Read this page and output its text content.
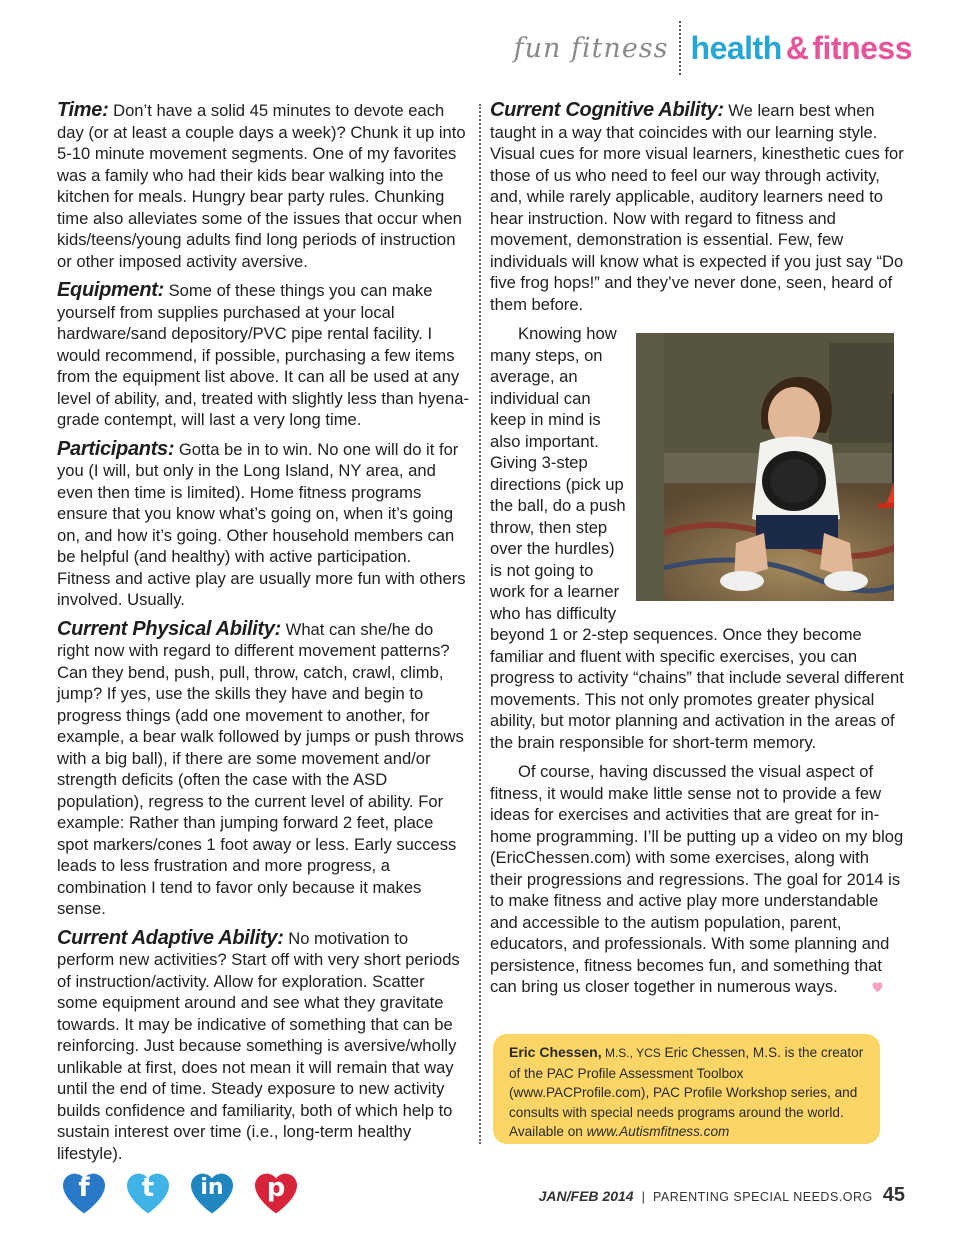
fun fitness health & fitness

Time: Don’t have a solid 45 minutes to devote each day (or at least a couple days a week)? Chunk it up into 5-10 minute movement segments. One of my favorites was a family who had their kids bear walking into the kitchen for meals. Hungry bear party rules. Chunking time also alleviates some of the issues that occur when kids/teens/young adults find long periods of instruction or other imposed activity aversive.

Equipment: Some of these things you can make yourself from supplies purchased at your local hardware/sand depository/PVC pipe rental facility. I would recommend, if possible, purchasing a few items from the equipment list above. It can all be used at any level of ability, and, treated with slightly less than hyena-grade contempt, will last a very long time.

Participants: Gotta be in to win. No one will do it for you (I will, but only in the Long Island, NY area, and even then time is limited). Home fitness programs ensure that you know what’s going on, when it’s going on, and how it’s going. Other household members can be helpful (and healthy) with active participation. Fitness and active play are usually more fun with others involved. Usually.

Current Physical Ability: What can she/he do right now with regard to different movement patterns? Can they bend, push, pull, throw, catch, crawl, climb, jump? If yes, use the skills they have and begin to progress things (add one movement to another, for example, a bear walk followed by jumps or push throws with a big ball), if there are some movement and/or strength deficits (often the case with the ASD population), regress to the current level of ability. For example: Rather than jumping forward 2 feet, place spot markers/cones 1 foot away or less. Early success leads to less frustration and more progress, a combination I tend to favor only because it makes sense.

Current Adaptive Ability: No motivation to perform new activities? Start off with very short periods of instruction/activity. Allow for exploration. Scatter some equipment around and see what they gravitate towards. It may be indicative of something that can be reinforcing. Just because something is aversive/wholly unlikable at first, does not mean it will remain that way until the end of time. Steady exposure to new activity builds confidence and familiarity, both of which help to sustain interest over time (i.e., long-term healthy lifestyle).

Current Cognitive Ability: We learn best when taught in a way that coincides with our learning style. Visual cues for more visual learners, kinesthetic cues for those of us who need to feel our way through activity, and, while rarely applicable, auditory learners need to hear instruction. Now with regard to fitness and movement, demonstration is essential. Few, few individuals will know what is expected if you just say “Do five frog hops!” and they’ve never done, seen, heard of them before.

Knowing how many steps, on average, an individual can keep in mind is also important. Giving 3-step directions (pick up the ball, do a push throw, then step over the hurdles) is not going to work for a learner who has difficulty beyond 1 or 2-step sequences. Once they become familiar and fluent with specific exercises, you can progress to activity “chains” that include several different movements. This not only promotes greater physical ability, but motor planning and activation in the areas of the brain responsible for short-term memory.

Of course, having discussed the visual aspect of fitness, it would make little sense not to provide a few ideas for exercises and activities that are great for in-home programming. I’ll be putting up a video on my blog (EricChessen.com) with some exercises, along with their progressions and regressions. The goal for 2014 is to make fitness and active play more understandable and accessible to the autism population, parent, educators, and professionals. With some planning and persistence, fitness becomes fun, and something that can bring us closer together in numerous ways.

Eric Chessen, M.S., YCS Eric Chessen, M.S. is the creator of the PAC Profile Assessment Toolbox (www.PACProfile.com), PAC Profile Workshop series, and consults with special needs programs around the world. Available on www.Autismfitness.com
f	t	in	p	JAN/FEB 2014 | PARENTING SPECIAL NEEDS.ORG 45
